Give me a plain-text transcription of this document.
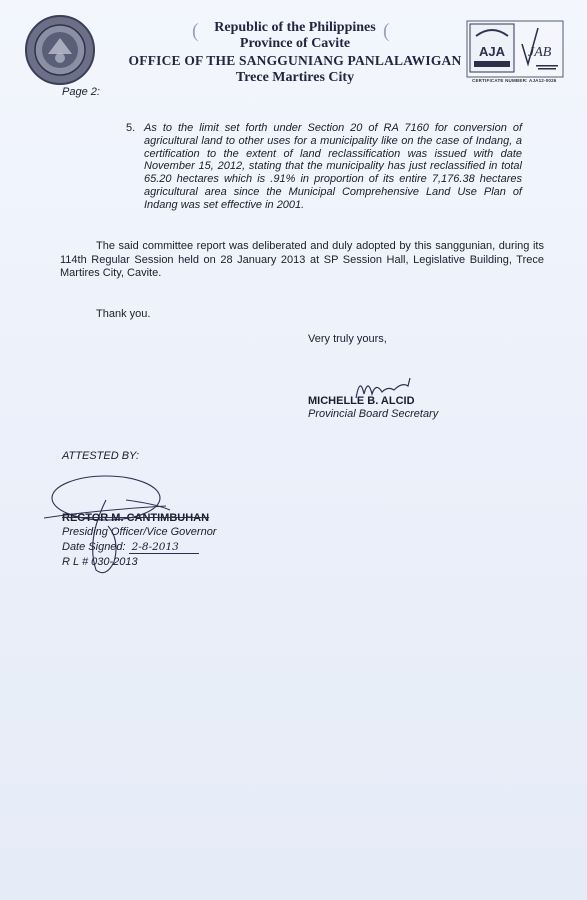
(	(
Republic of the Philippines
Province of Cavite
OFFICE OF THE SANGGUNIANG PANLALAWIGAN
Trece Martires City
AJA JAB
CERTIFICATE NUMBER: AJA12-0026
Page 2:
5. As to the limit set forth under Section 20 of RA 7160 for conversion of agricultural land to other uses for a municipality like on the case of Indang, a certification to the extent of land reclassification was issued with date November 15, 2012, stating that the municipality has just reclassified in total 65.20 hectares which is .91% in proportion of its entire 7,176.38 hectares agricultural area since the Municipal Comprehensive Land Use Plan of Indang was set effective in 2001.
The said committee report was deliberated and duly adopted by this sanggunian, during its 114th Regular Session held on 28 January 2013 at SP Session Hall, Legislative Building, Trece Martires City, Cavite.
Thank you.
Very truly yours,
MICHELLE B. ALCID
Provincial Board Secretary
ATTESTED BY:
RECTOR M. CANTIMBUHAN
Presiding Officer/Vice Governor
Date Signed: 2-8-2013
R L # 030-2013
